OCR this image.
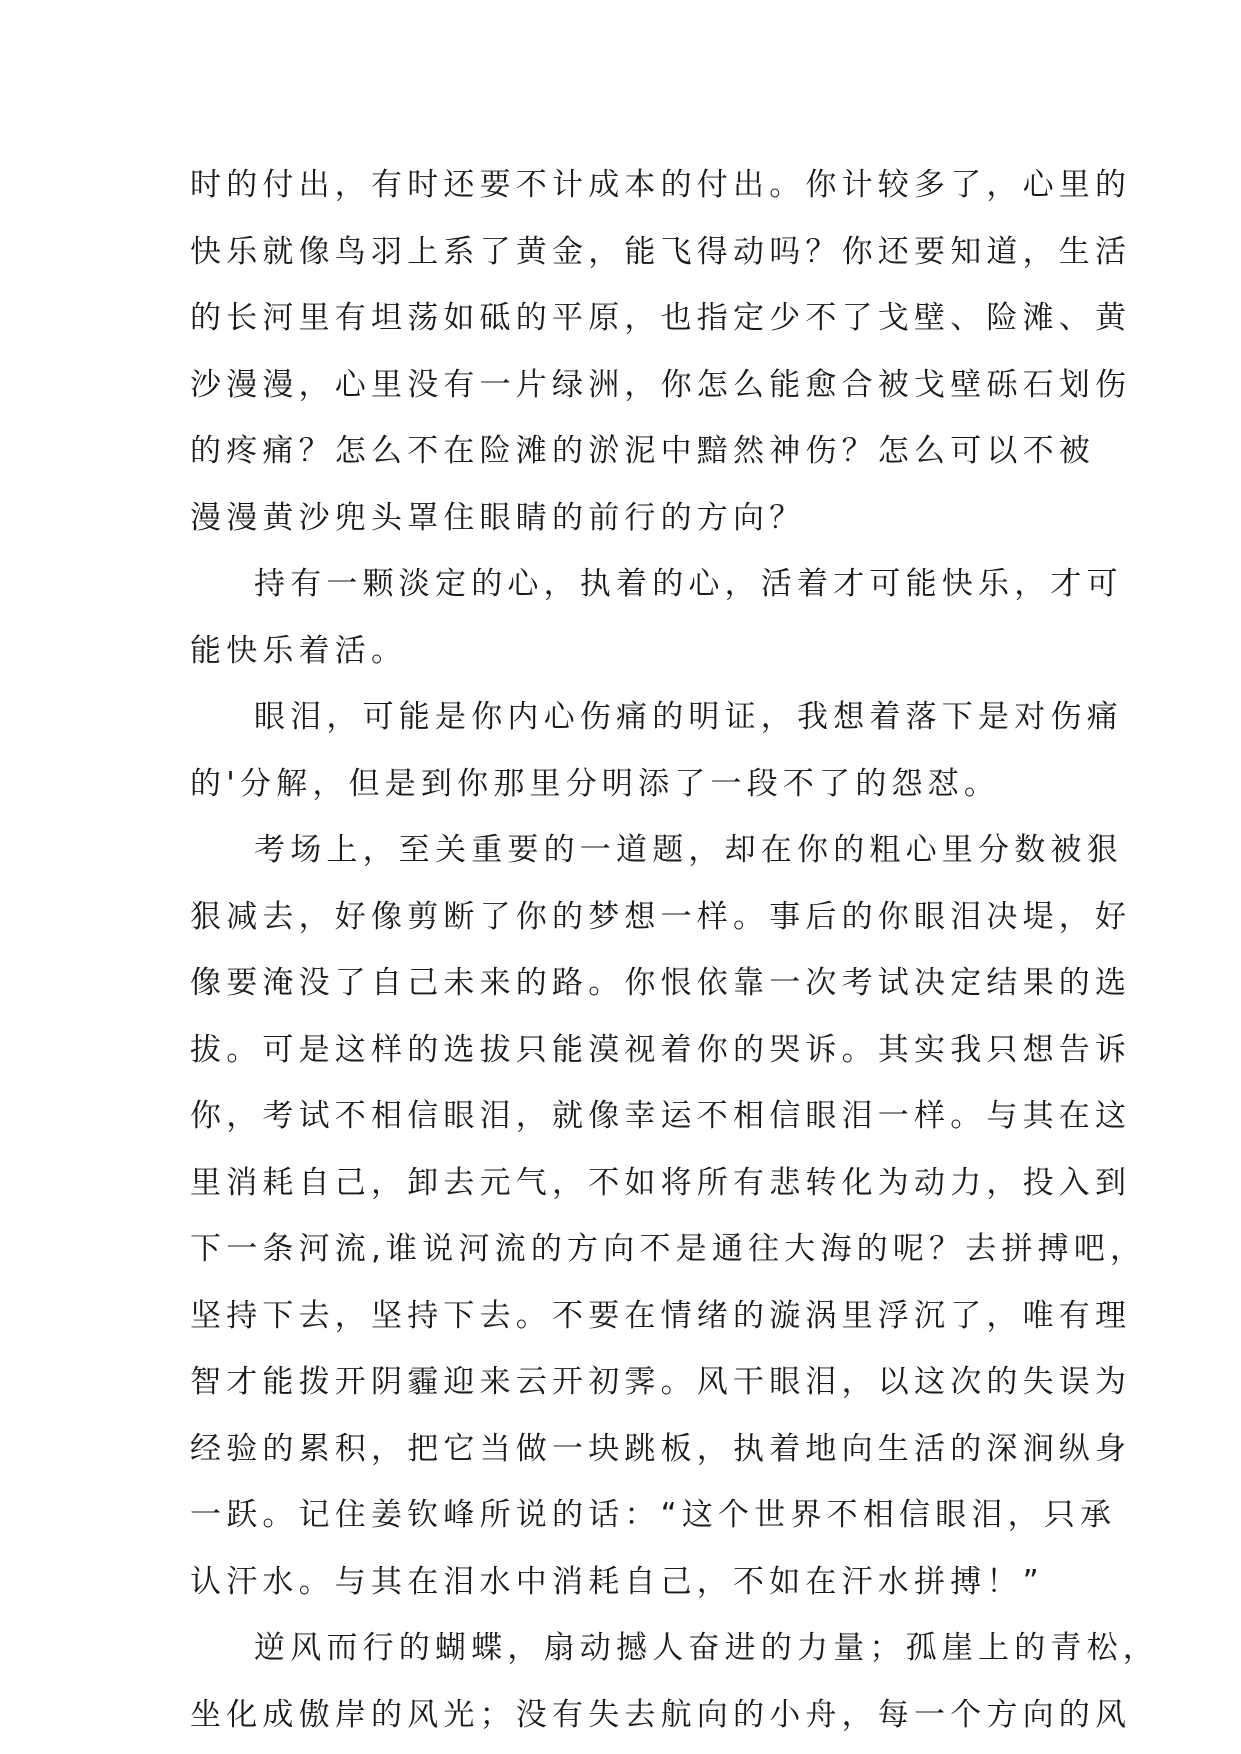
时的付出，有时还要不计成本的付出。你计较多了，心里的
快乐就像鸟羽上系了黄金，能飞得动吗？你还要知道，生活
的长河里有坦荡如砥的平原，也指定少不了戈壁、险滩、黄
沙漫漫，心里没有一片绿洲，你怎么能愈合被戈壁砾石划伤
的疼痛？怎么不在险滩的淤泥中黯然神伤？怎么可以不被
漫漫黄沙兜头罩住眼睛的前行的方向？
持有一颗淡定的心，执着的心，活着才可能快乐，才可
能快乐着活。
眼泪，可能是你内心伤痛的明证，我想着落下是对伤痛
的'分解，但是到你那里分明添了一段不了的怨怼。
考场上，至关重要的一道题，却在你的粗心里分数被狠
狠减去，好像剪断了你的梦想一样。事后的你眼泪决堤，好
像要淹没了自己未来的路。你恨依靠一次考试决定结果的选
拔。可是这样的选拔只能漠视着你的哭诉。其实我只想告诉
你，考试不相信眼泪，就像幸运不相信眼泪一样。与其在这
里消耗自己，卸去元气，不如将所有悲转化为动力，投入到
下一条河流,谁说河流的方向不是通往大海的呢？去拼搏吧，
坚持下去，坚持下去。不要在情绪的漩涡里浮沉了，唯有理
智才能拨开阴霾迎来云开初霁。风干眼泪，以这次的失误为
经验的累积，把它当做一块跳板，执着地向生活的深涧纵身
一跃。记住姜钦峰所说的话：“这个世界不相信眼泪，只承
认汗水。与其在泪水中消耗自己，不如在汗水拼搏！”
逆风而行的蝴蝶，扇动撼人奋进的力量；孤崖上的青松，
坐化成傲岸的风光；没有失去航向的小舟，每一个方向的风
